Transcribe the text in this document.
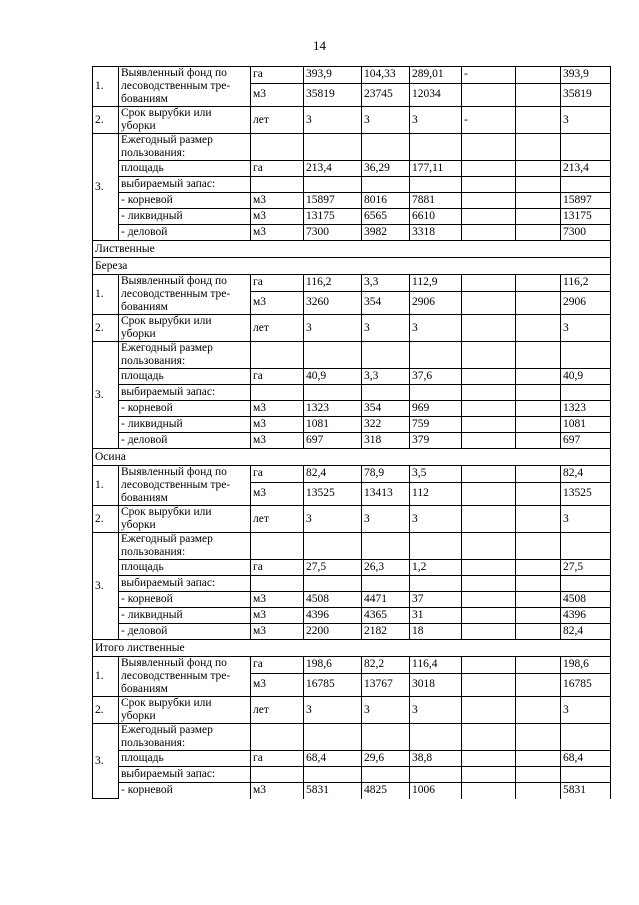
14
1.	Выявленный фонд по лесоводственным тре- бованиям	га	393,9	104,33	289,01	-		393,9
		м3	35819	23745	12034			35819
2.	Срок вырубки или уборки	лет	3	3	3	-		3
3.	Ежегодный размер пользования:							
	площадь	га	213,4	36,29	177,11			213,4
	выбираемый запас:							
	- корневой	м3	15897	8016	7881			15897
	- ликвидный	м3	13175	6565	6610			13175
	- деловой	м3	7300	3982	3318			7300
Лиственные								
Береза								
1.	Выявленный фонд по лесоводственным тре- бованиям	га	116,2	3,3	112,9			116,2
		м3	3260	354	2906			2906
2.	Срок вырубки или уборки	лет	3	3	3			3
3.	Ежегодный размер пользования:							
	площадь	га	40,9	3,3	37,6			40,9
	выбираемый запас:							
	- корневой	м3	1323	354	969			1323
	- ликвидный	м3	1081	322	759			1081
	- деловой	м3	697	318	379			697
Осина								
1.	Выявленный фонд по лесоводственным тре- бованиям	га	82,4	78,9	3,5			82,4
		м3	13525	13413	112			13525
2.	Срок вырубки или уборки	лет	3	3	3			3
3.	Ежегодный размер пользования:							
	площадь	га	27,5	26,3	1,2			27,5
	выбираемый запас:							
	- корневой	м3	4508	4471	37			4508
	- ликвидный	м3	4396	4365	31			4396
	- деловой	м3	2200	2182	18			82,4
Итого лиственные								
1.	Выявленный фонд по лесоводственным тре- бованиям	га	198,6	82,2	116,4			198,6
		м3	16785	13767	3018			16785
2.	Срок вырубки или уборки	лет	3	3	3			3
3.	Ежегодный размер пользования:							
	площадь	га	68,4	29,6	38,8			68,4
	выбираемый запас:							
	- корневой	м3	5831	4825	1006			5831
